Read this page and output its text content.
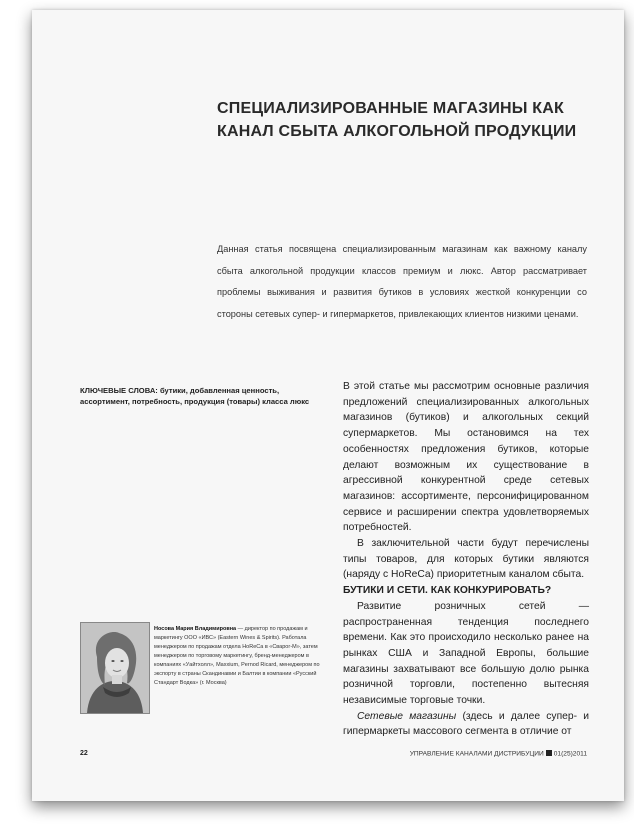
СПЕЦИАЛИЗИРОВАННЫЕ МАГАЗИНЫ КАК
КАНАЛ СБЫТА АЛКОГОЛЬНОЙ ПРОДУКЦИИ

Данная статья посвящена специализированным магазинам как важному каналу сбыта алкогольной продукции классов премиум и люкс. Автор рассматривает проблемы выживания и развития бутиков в условиях жесткой конкуренции со стороны сетевых супер- и гипермаркетов, привлекающих клиентов низкими ценами.

КЛЮЧЕВЫЕ СЛОВА: бутики, добавленная ценность, ассортимент, потребность, продукция (товары) класса люкс

В этой статье мы рассмотрим основные различия предложений специализированных алкогольных магазинов (бутиков) и алкогольных секций супермаркетов. Мы остановимся на тех особенностях предложения бутиков, которые делают возможным их существование в агрессивной конкурентной среде сетевых магазинов: ассортименте, персонифицированном сервисе и расширении спектра удовлетворяемых потребностей.

В заключительной части будут перечислены типы товаров, для которых бутики являются (наряду с HoReCa) приоритетным каналом сбыта.

БУТИКИ И СЕТИ. КАК КОНКУРИРОВАТЬ?

Развитие розничных сетей — распространенная тенденция последнего времени. Как это происходило несколько ранее на рынках США и Западной Европы, большие магазины захватывают все большую долю рынка розничной торговли, постепенно вытесняя независимые торговые точки.

Сетевые магазины (здесь и далее супер- и гипермаркеты массового сегмента в отличие от

Носова Мария Владимировна — директор по продажам и маркетингу ООО «ИВС» (Eastern Wines & Spirits). Работала менеджером по продажам отдела HoReCa в «Сварог-М», затем менеджером по торговому маркетингу, бренд-менеджером в компаниях «Уайтхолл», Maxxium, Pernod Ricard, менеджером по экспорту в страны Скандинавии и Балтии в компании «Русский Стандарт Водка» (г. Москва)

22	УПРАВЛЕНИЕ КАНАЛАМИ ДИСТРИБУЦИИ 01(25)2011
